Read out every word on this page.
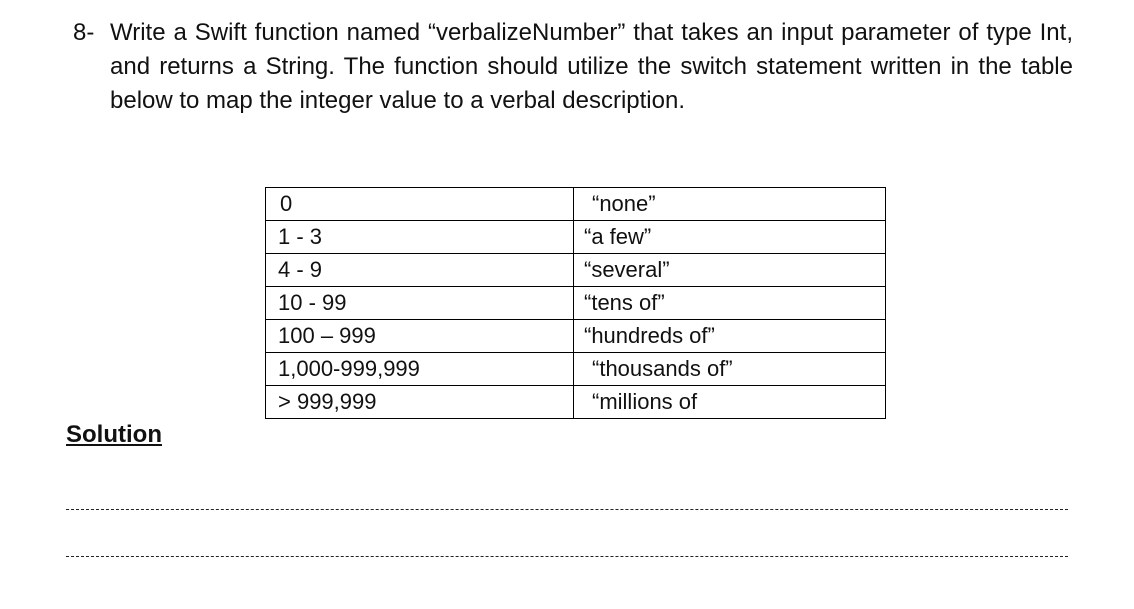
8- Write a Swift function named “verbalizeNumber” that takes an input parameter of type Int, and returns a String. The function should utilize the switch statement written in the table below to map the integer value to a verbal description.
0	“none”
1 - 3	“a few”
4 - 9	“several”
10 - 99	“tens of”
100 – 999	“hundreds of”
1,000-999,999	“thousands of”
> 999,999	“millions of
Solution
